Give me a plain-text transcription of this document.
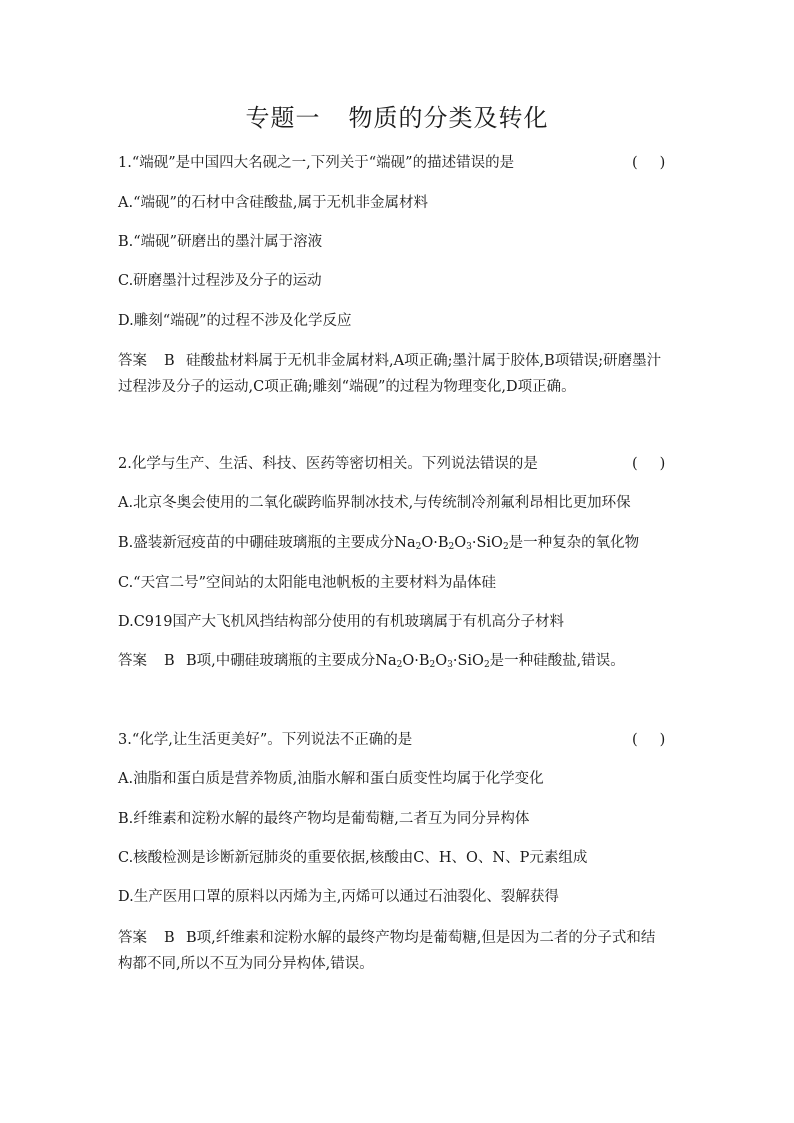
专题一 物质的分类及转化
1.“端砚”是中国四大名砚之一,下列关于“端砚”的描述错误的是	( )
A.“端砚”的石材中含硅酸盐,属于无机非金属材料
B.“端砚”研磨出的墨汁属于溶液
C.研磨墨汁过程涉及分子的运动
D.雕刻“端砚”的过程不涉及化学反应
答案 B 硅酸盐材料属于无机非金属材料,A项正确;墨汁属于胶体,B项错误;研磨墨汁
过程涉及分子的运动,C项正确;雕刻“端砚”的过程为物理变化,D项正确。
2.化学与生产、生活、科技、医药等密切相关。下列说法错误的是	( )
A.北京冬奥会使用的二氧化碳跨临界制冰技术,与传统制冷剂氟利昂相比更加环保
B.盛装新冠疫苗的中硼硅玻璃瓶的主要成分$Na_2O\cdot B_2O_3\cdot SiO_2$是一种复杂的氧化物
C.“天宫二号”空间站的太阳能电池帆板的主要材料为晶体硅
D.C919国产大飞机风挡结构部分使用的有机玻璃属于有机高分子材料
答案 B B项,中硼硅玻璃瓶的主要成分$Na_2O\cdot B_2O_3\cdot SiO_2$是一种硅酸盐,错误。
3.“化学,让生活更美好”。下列说法不正确的是	( )
A.油脂和蛋白质是营养物质,油脂水解和蛋白质变性均属于化学变化
B.纤维素和淀粉水解的最终产物均是葡萄糖,二者互为同分异构体
C.核酸检测是诊断新冠肺炎的重要依据,核酸由C、H、O、N、P元素组成
D.生产医用口罩的原料以丙烯为主,丙烯可以通过石油裂化、裂解获得
答案 B B项,纤维素和淀粉水解的最终产物均是葡萄糖,但是因为二者的分子式和结
构都不同,所以不互为同分异构体,错误。
